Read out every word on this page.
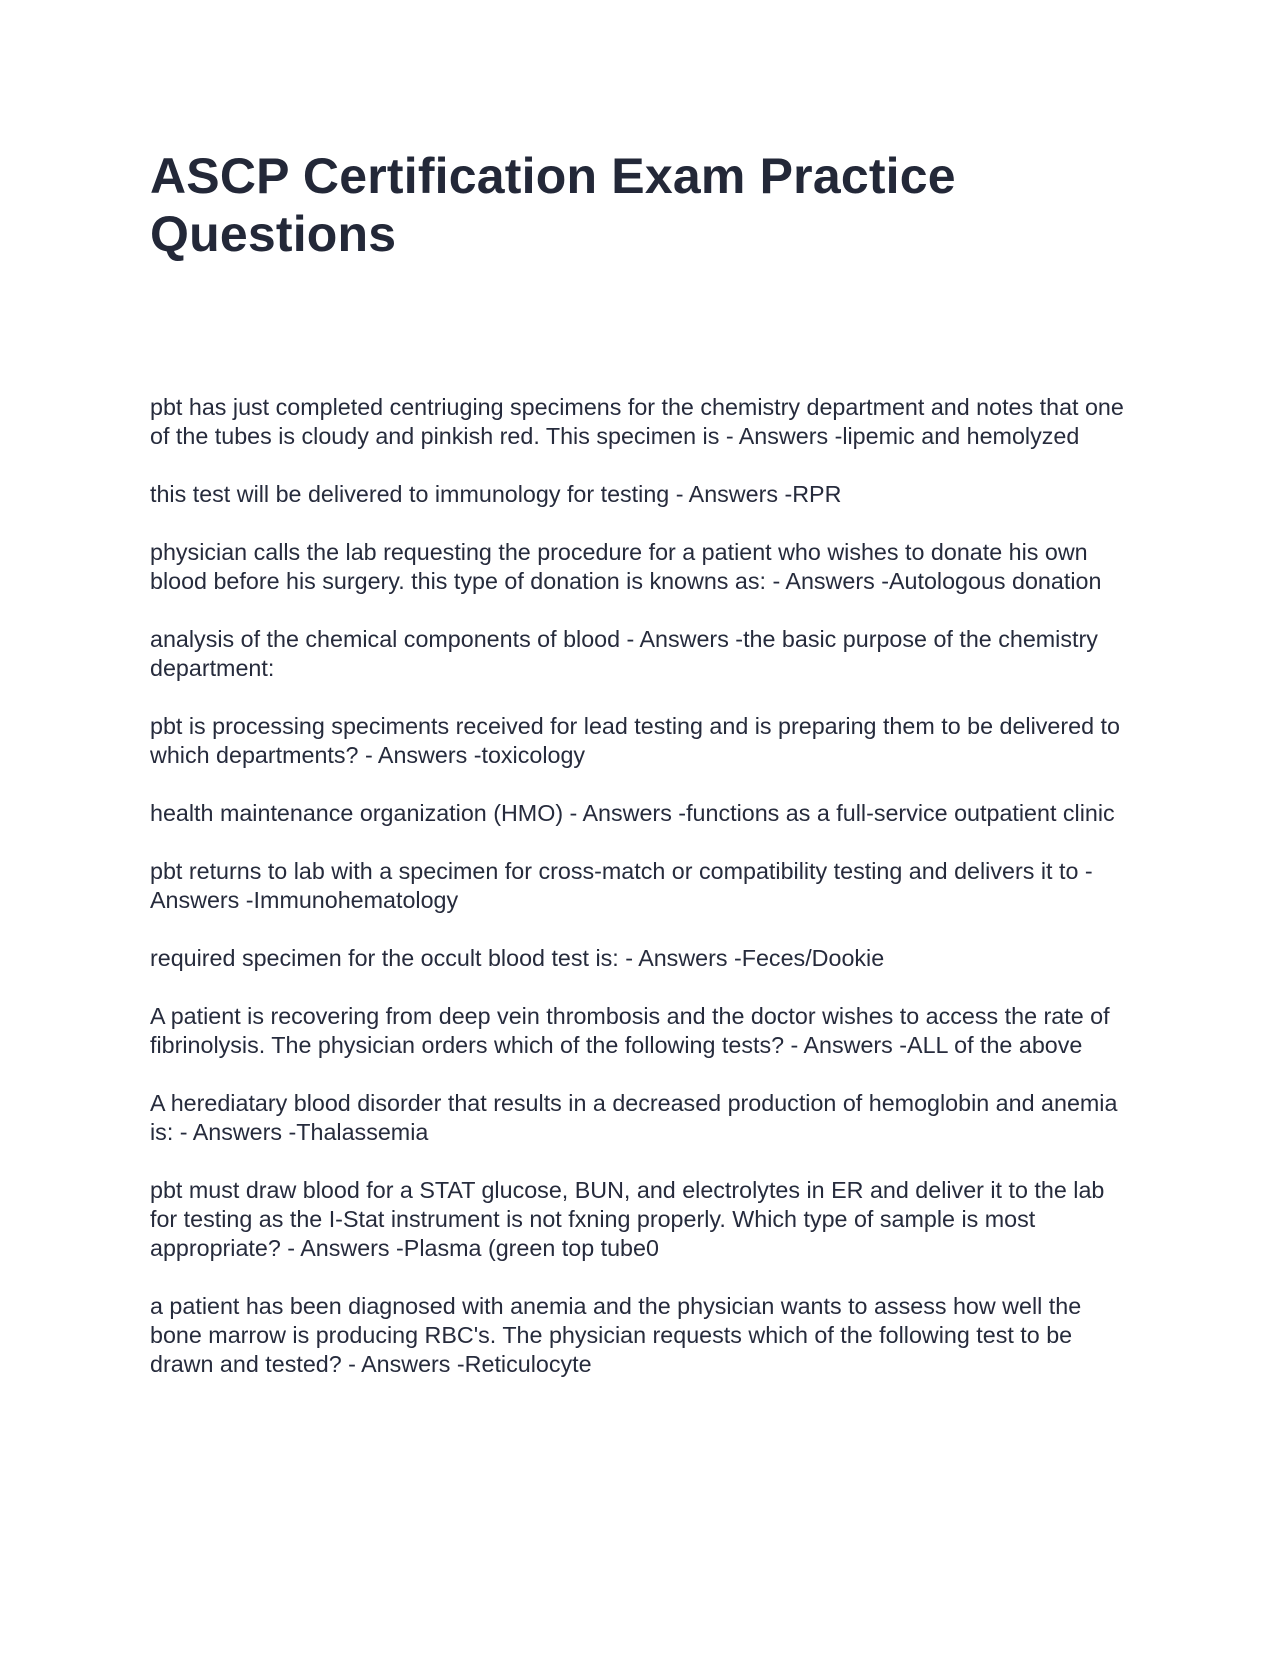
ASCP Certification Exam Practice Questions

pbt has just completed centriuging specimens for the chemistry department and notes that one of the tubes is cloudy and pinkish red. This specimen is - Answers -lipemic and hemolyzed

this test will be delivered to immunology for testing - Answers -RPR

physician calls the lab requesting the procedure for a patient who wishes to donate his own blood before his surgery. this type of donation is knowns as: - Answers -Autologous donation

analysis of the chemical components of blood - Answers -the basic purpose of the chemistry department:

pbt is processing speciments received for lead testing and is preparing them to be delivered to which departments? - Answers -toxicology

health maintenance organization (HMO) - Answers -functions as a full-service outpatient clinic

pbt returns to lab with a specimen for cross-match or compatibility testing and delivers it to - Answers -Immunohematology

required specimen for the occult blood test is: - Answers -Feces/Dookie

A patient is recovering from deep vein thrombosis and the doctor wishes to access the rate of fibrinolysis. The physician orders which of the following tests? - Answers -ALL of the above

A herediatary blood disorder that results in a decreased production of hemoglobin and anemia is: - Answers -Thalassemia

pbt must draw blood for a STAT glucose, BUN, and electrolytes in ER and deliver it to the lab for testing as the I-Stat instrument is not fxning properly. Which type of sample is most appropriate? - Answers -Plasma (green top tube0

a patient has been diagnosed with anemia and the physician wants to assess how well the bone marrow is producing RBC's. The physician requests which of the following test to be drawn and tested? - Answers -Reticulocyte
